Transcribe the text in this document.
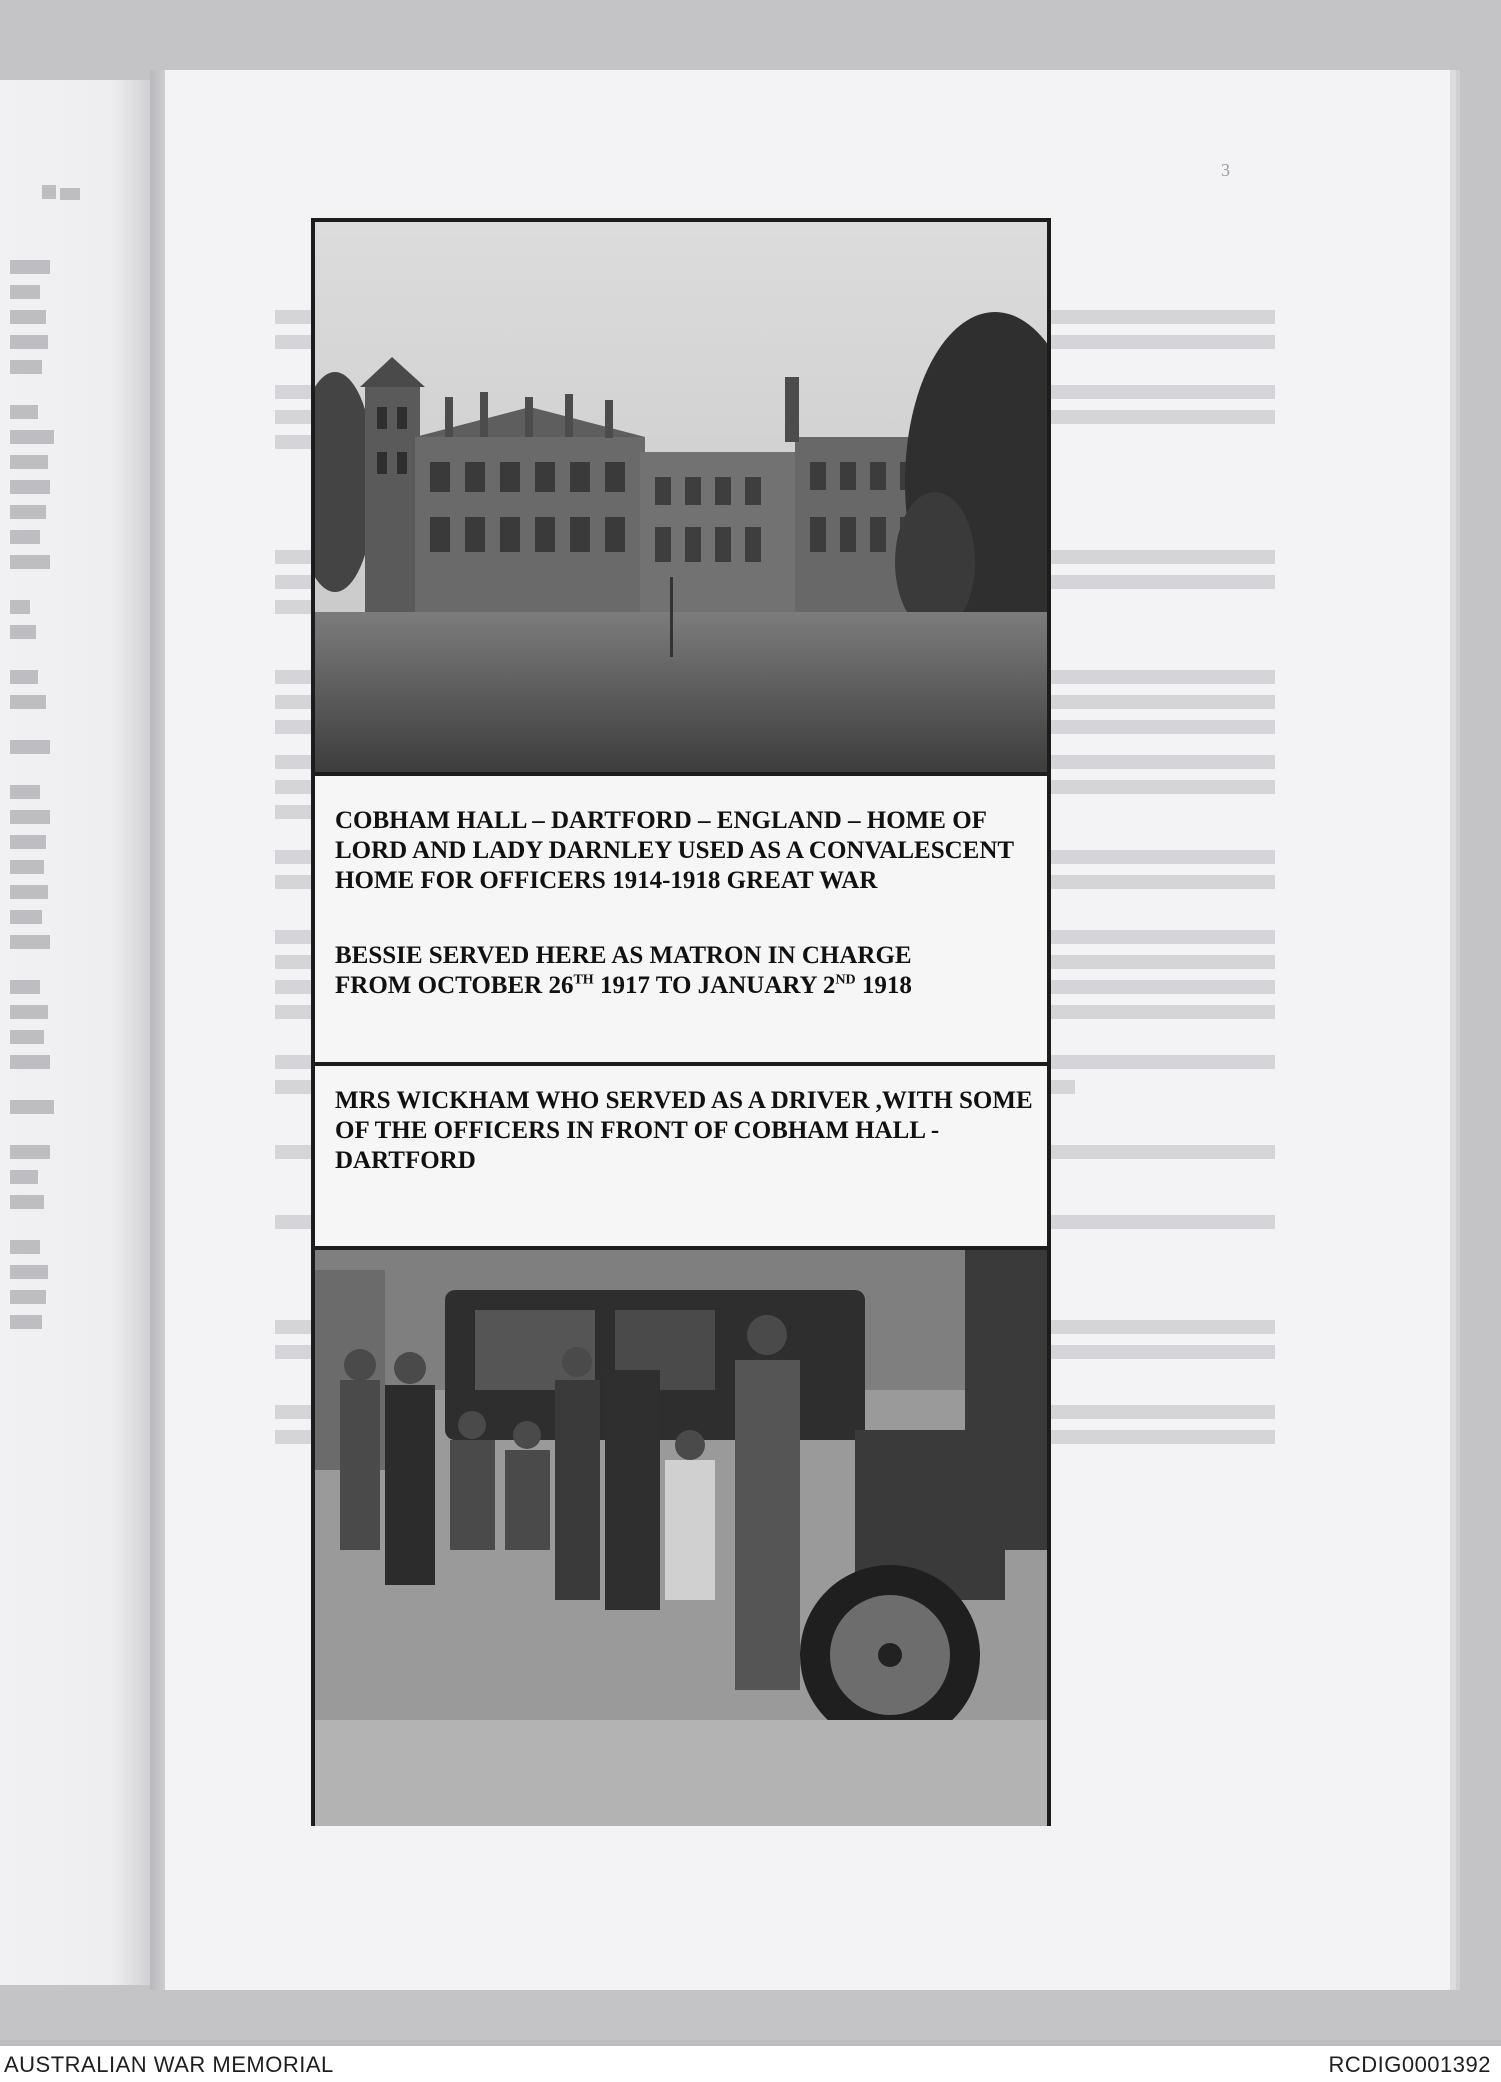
3

COBHAM HALL – DARTFORD – ENGLAND – HOME OF LORD AND LADY DARNLEY USED AS A CONVALESCENT HOME FOR OFFICERS 1914-1918 GREAT WAR

BESSIE SERVED HERE AS MATRON IN CHARGE
FROM OCTOBER 26TH 1917 TO JANUARY 2ND 1918

MRS WICKHAM WHO SERVED AS A DRIVER ,WITH SOME OF THE OFFICERS IN FRONT OF COBHAM HALL - DARTFORD

AUSTRALIAN WAR MEMORIAL	RCDIG0001392
